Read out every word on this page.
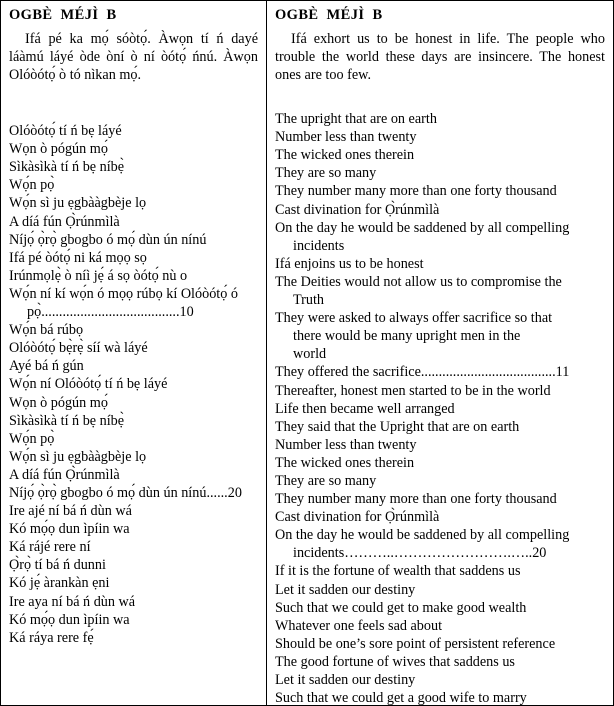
OGBÈ  MÉJÌ  B
Ifá pé ka mọ́ sóòtọ́. Àwọn tí ń dayé láàmú láyé òde òní ò ní òótọ́ ńnú. Àwọn Olóòótọ́ ò tó nìkan mọ́.
Olóòótọ́ tí ń bẹ láyé
Wọn ò pógún mọ́
Sìkàsìkà tí ń bẹ níbẹ̀
Wọ́n pọ̀
Wọ́n sì ju ẹgbààgbèje lọ
A díá fún Ọ̀rúnmìlà
Níjọ́ ọ̀rọ̀ gbogbo ó mọ́ dùn ún nínú
Ifá pé òótọ́ ni ká mọọ sọ
Irúnmọlẹ̀ ò níì jẹ́ á sọ òótọ́ nù o
Wọ́n ní kí wọ́n ó mọọ rúbọ kí Olóòótọ́ ó
pọ̀.......................................10
Wọ́n bá rúbọ
Olóòótọ́ bẹ̀rẹ̀ síí wà láyé
Ayé bá ń gún
Wọ́n ní Olóòótọ́ tí ń bẹ láyé
Wọn ò pógún mọ́
Sìkàsìkà tí ń bẹ níbẹ̀
Wọ́n pọ̀
Wọ́n sì ju ẹgbààgbèje lọ
A díá fún Ọ̀rúnmìlà
Níjọ́ ọ̀rọ̀ gbogbo ó mọ́ dùn ún nínú......20
Ire ajé ní bá ń dùn wá
Kó mọ́ọ dun ìpíin wa
Ká rájé rere ní
Ọ̀rọ̀ tí bá ń dunni
Kó jẹ́ àrankàn ẹni
Ire aya ní bá ń dùn wá
Kó mọ́ọ dun ìpíin wa
Ká ráya rere fẹ́
OGBÈ  MÉJÌ  B
Ifá exhort us to be honest in life. The people who trouble the world these days are insincere. The honest ones are too few.
The upright that are on earth
Number less than twenty
The wicked ones therein
They are so many
They number many more than one forty thousand
Cast divination for Ọ̀rúnmìlà
On the day he would be saddened by all compelling
incidents
Ifá enjoins us to be honest
The Deities would not allow us to compromise the
Truth
They were asked to always offer sacrifice so that
there would be many upright men in the
world
They offered the sacrifice......................................11
Thereafter, honest men started to be in the world
Life then became well arranged
They said that the Upright that are on earth
Number less than twenty
The wicked ones therein
They are so many
They number many more than one forty thousand
Cast divination for Ọ̀rúnmìlà
On the day he would be saddened by all compelling
incidents………..…………………….…..20
If it is the fortune of wealth that saddens us
Let it sadden our destiny
Such that we could get to make good wealth
Whatever one feels sad about
Should be one’s sore point of persistent reference
The good fortune of wives that saddens us
Let it sadden our destiny
Such that we could get a good wife to marry
